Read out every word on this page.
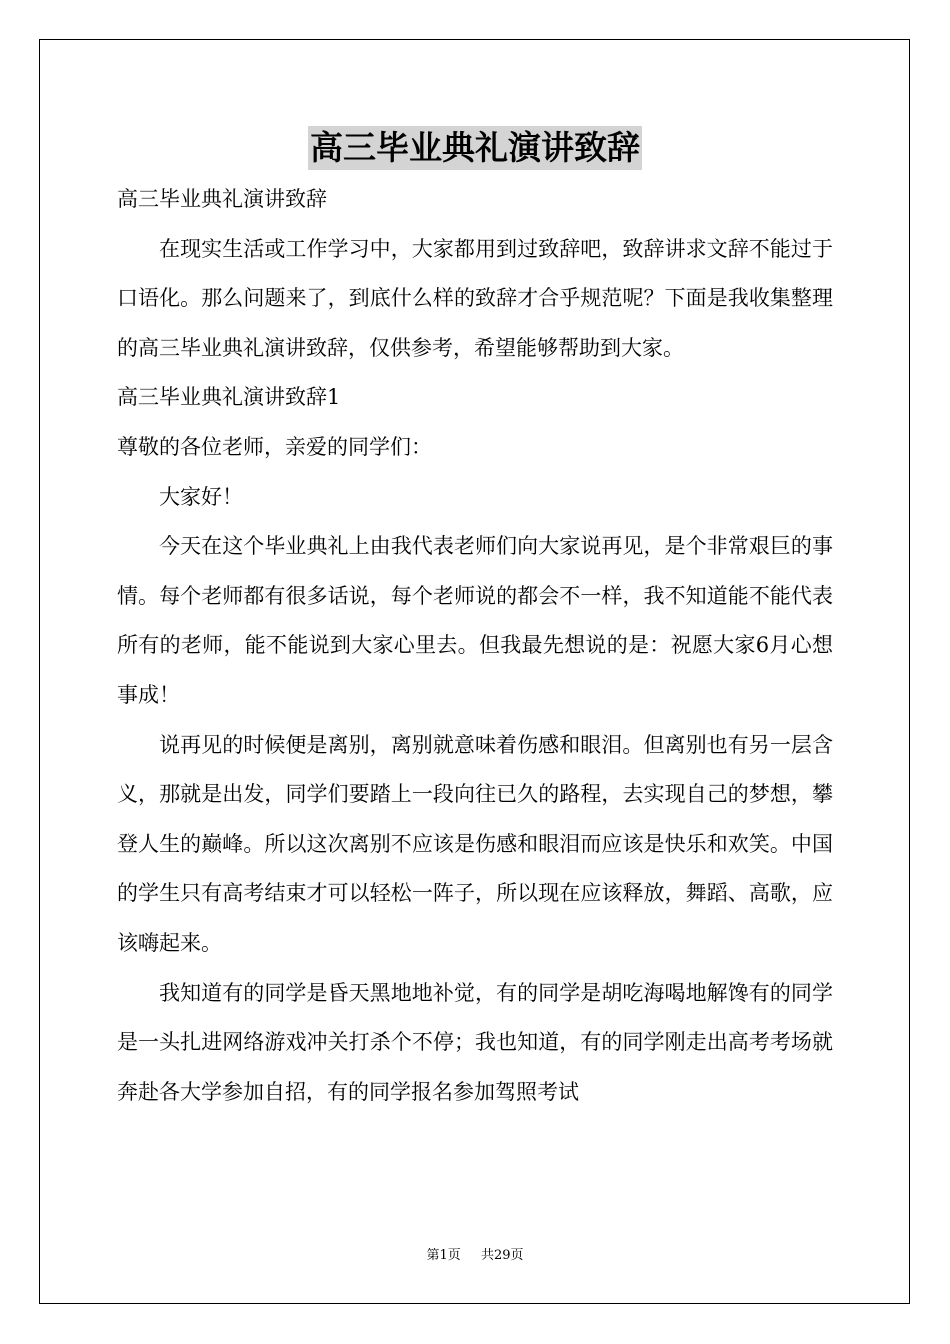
高三毕业典礼演讲致辞

高三毕业典礼演讲致辞

在现实生活或工作学习中，大家都用到过致辞吧，致辞讲求文辞不能过于口语化。那么问题来了，到底什么样的致辞才合乎规范呢？下面是我收集整理的高三毕业典礼演讲致辞，仅供参考，希望能够帮助到大家。

高三毕业典礼演讲致辞1

尊敬的各位老师，亲爱的同学们：

大家好！

今天在这个毕业典礼上由我代表老师们向大家说再见，是个非常艰巨的事情。每个老师都有很多话说，每个老师说的都会不一样，我不知道能不能代表所有的老师，能不能说到大家心里去。但我最先想说的是：祝愿大家6月心想事成！

说再见的时候便是离别，离别就意味着伤感和眼泪。但离别也有另一层含义，那就是出发，同学们要踏上一段向往已久的路程，去实现自己的梦想，攀登人生的巅峰。所以这次离别不应该是伤感和眼泪而应该是快乐和欢笑。中国的学生只有高考结束才可以轻松一阵子，所以现在应该释放，舞蹈、高歌，应该嗨起来。

我知道有的同学是昏天黑地地补觉，有的同学是胡吃海喝地解馋有的同学是一头扎进网络游戏冲关打杀个不停；我也知道，有的同学刚走出高考考场就奔赴各大学参加自招，有的同学报名参加驾照考试

第1页 共29页
